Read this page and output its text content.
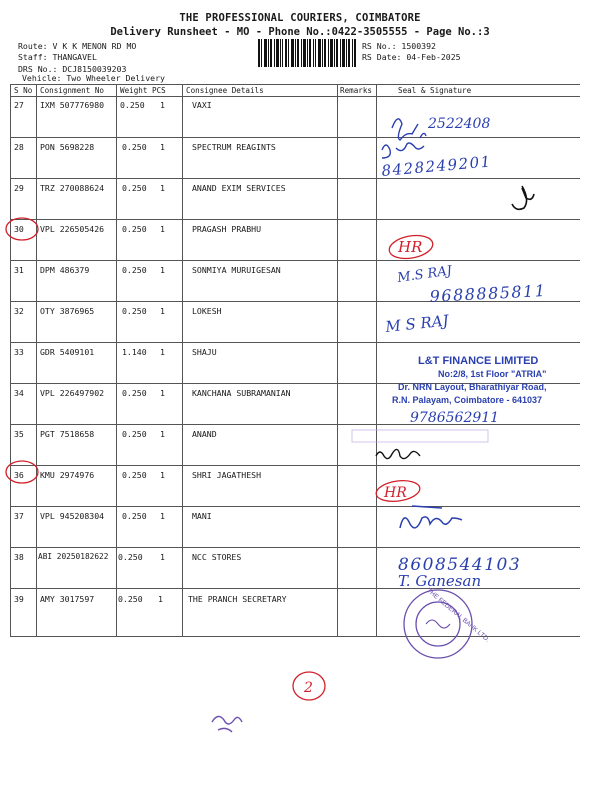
THE PROFESSIONAL COURIERS, COIMBATORE
Delivery Runsheet - MO - Phone No.:0422-3505555 - Page No.:3
Route: V K K MENON RD MO
Staff: THANGAVEL
DRS No.: DCJ8150039203
Vehicle: Two Wheeler Delivery
RS No.: 1500392
RS Date: 04-Feb-2025
S No Consignment No Weight PCS	Consignee Details	Remarks	Seal & Signature
27 IXM 507776980 0.250 1	VAXI
28 PON 5698228	0.250 1	SPECTRUM REAGINTS
29 TRZ 270088624 0.250 1	ANAND EXIM SERVICES
30 VPL 226505426 0.250 1	PRAGASH PRABHU
31 DPM 486379	0.250 1	SONMIYA MURUIGESAN
32 OTY 3876965	0.250 1	LOKESH
33 GDR 5409101	1.140 1	SHAJU
34 VPL 226497902 0.250 1	KANCHANA SUBRAMANIAN
35 PGT 7518658	0.250 1	ANAND
36 KMU 2974976	0.250 1	SHRI JAGATHESH
37 VPL 945208304 0.250 1	MANI
38 ABI 20250182622 0.250 1	NCC STORES
39 AMY 3017597	0.250 1	THE PRANCH SECRETARY
2522408
8428249201
M.S RAJ
9688885811
M S RAJ
8608544103
T. Ganesan
2
HR
HR
L&T FINANCE LIMITED
No:2/8, 1st Floor "ATRIA"
Dr. NRN Layout, Bharathiyar Road,
R.N. Palayam, Coimbatore - 641037
9786562911
THE FEDERAL BANK LTD.
